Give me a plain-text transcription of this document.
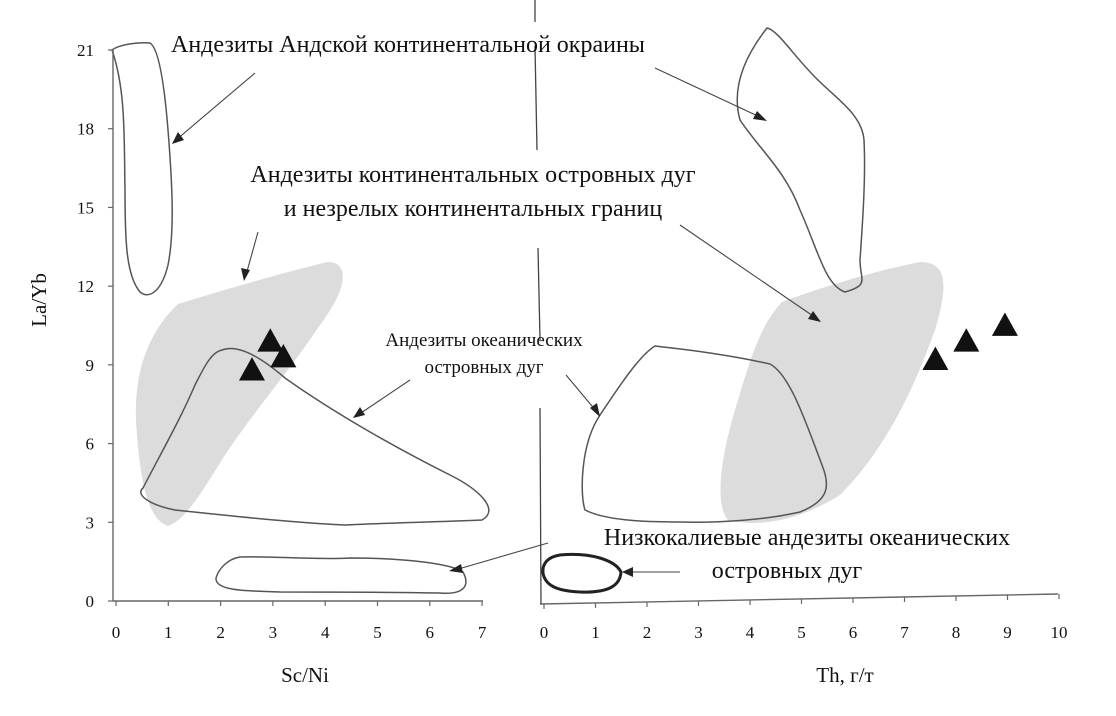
0
3
6
9
12
15
18
21
0	1	2	3	4	5	6	7	0	1	2	3	4	5	6	7	8	9 10
Андезиты Андской континентальной окраины
Андезиты континентальных островных дуг
и незрелых континентальных границ
Андезиты океанических
островных дуг
Низкокалиевые андезиты океанических
островных дуг
Sc/Ni	Th, г/т
La/Yb
